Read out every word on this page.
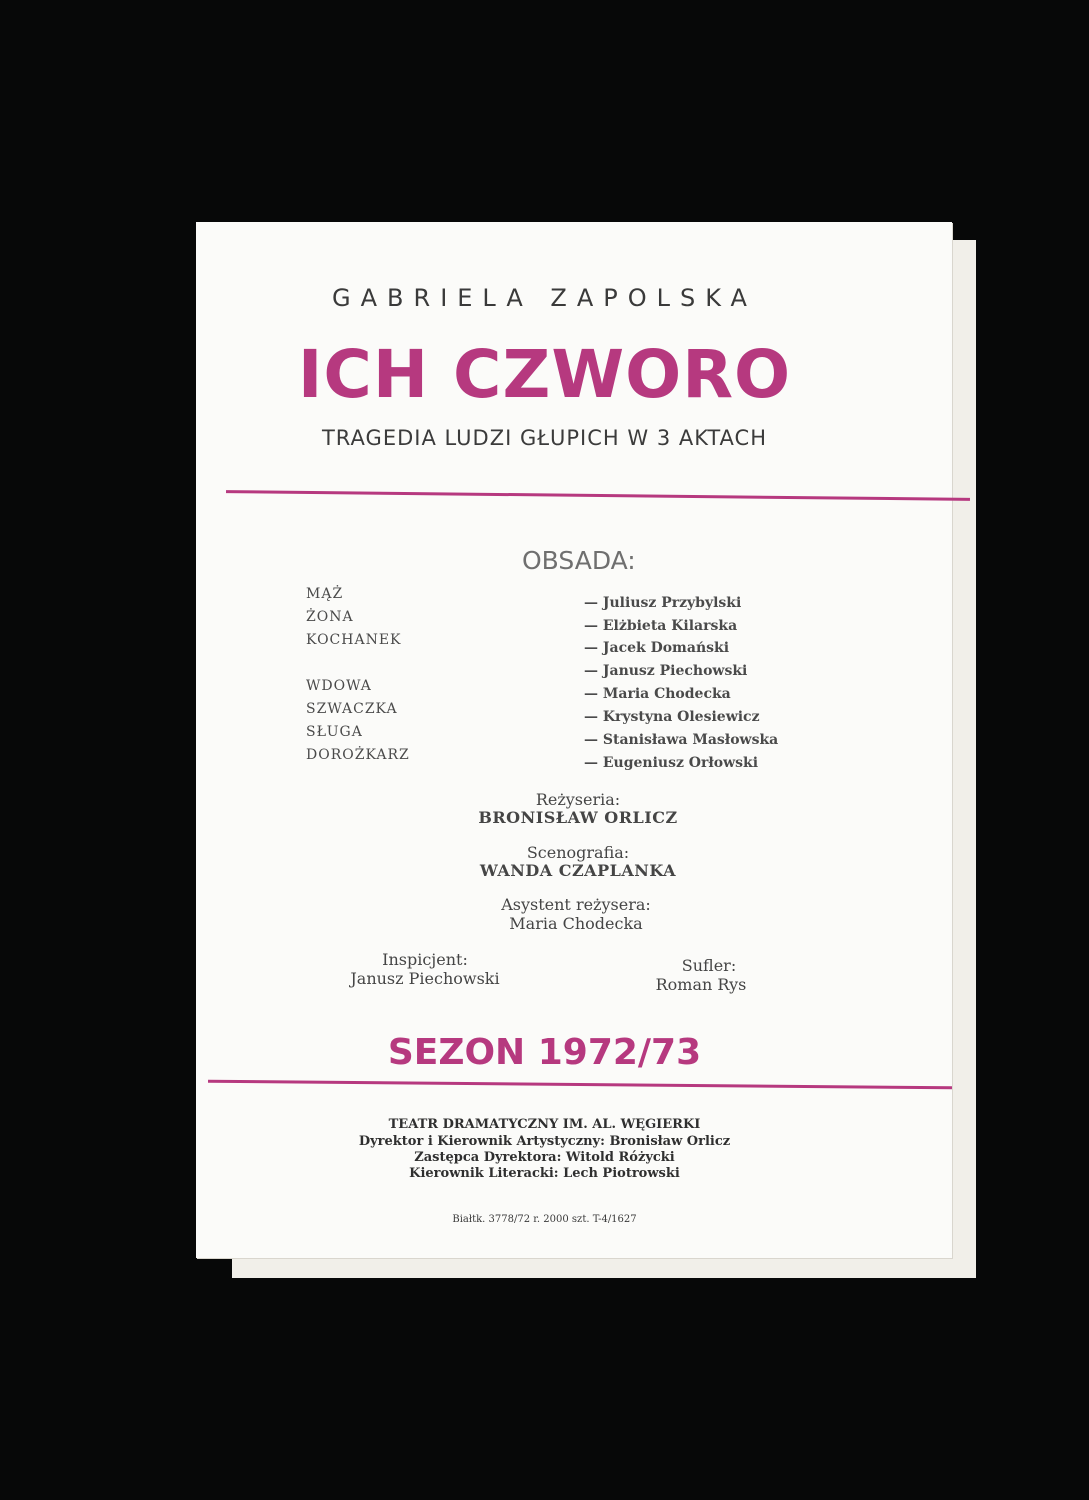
GABRIELA ZAPOLSKA
ICH CZWORO
TRAGEDIA LUDZI GŁUPICH W 3 AKTACH
OBSADA:
MĄŻ
ŻONA
KOCHANEK
WDOWA
SZWACZKA
SŁUGA
DOROŻKARZ
— Juliusz Przybylski
— Elżbieta Kilarska
— Jacek Domański
— Janusz Piechowski
— Maria Chodecka
— Krystyna Olesiewicz
— Stanisława Masłowska
— Eugeniusz Orłowski
Reżyseria:
BRONISŁAW ORLICZ
Scenografia:
WANDA CZAPLANKA
Asystent reżysera:
Maria Chodecka
Inspicjent:
Janusz Piechowski
Sufler:
Roman Rys
SEZON 1972/73
TEATR DRAMATYCZNY IM. AL. WĘGIERKI
Dyrektor i Kierownik Artystyczny: Bronisław Orlicz
Zastępca Dyrektora: Witold Różycki
Kierownik Literacki: Lech Piotrowski
Białtk. 3778/72 r. 2000 szt. T-4/1627
